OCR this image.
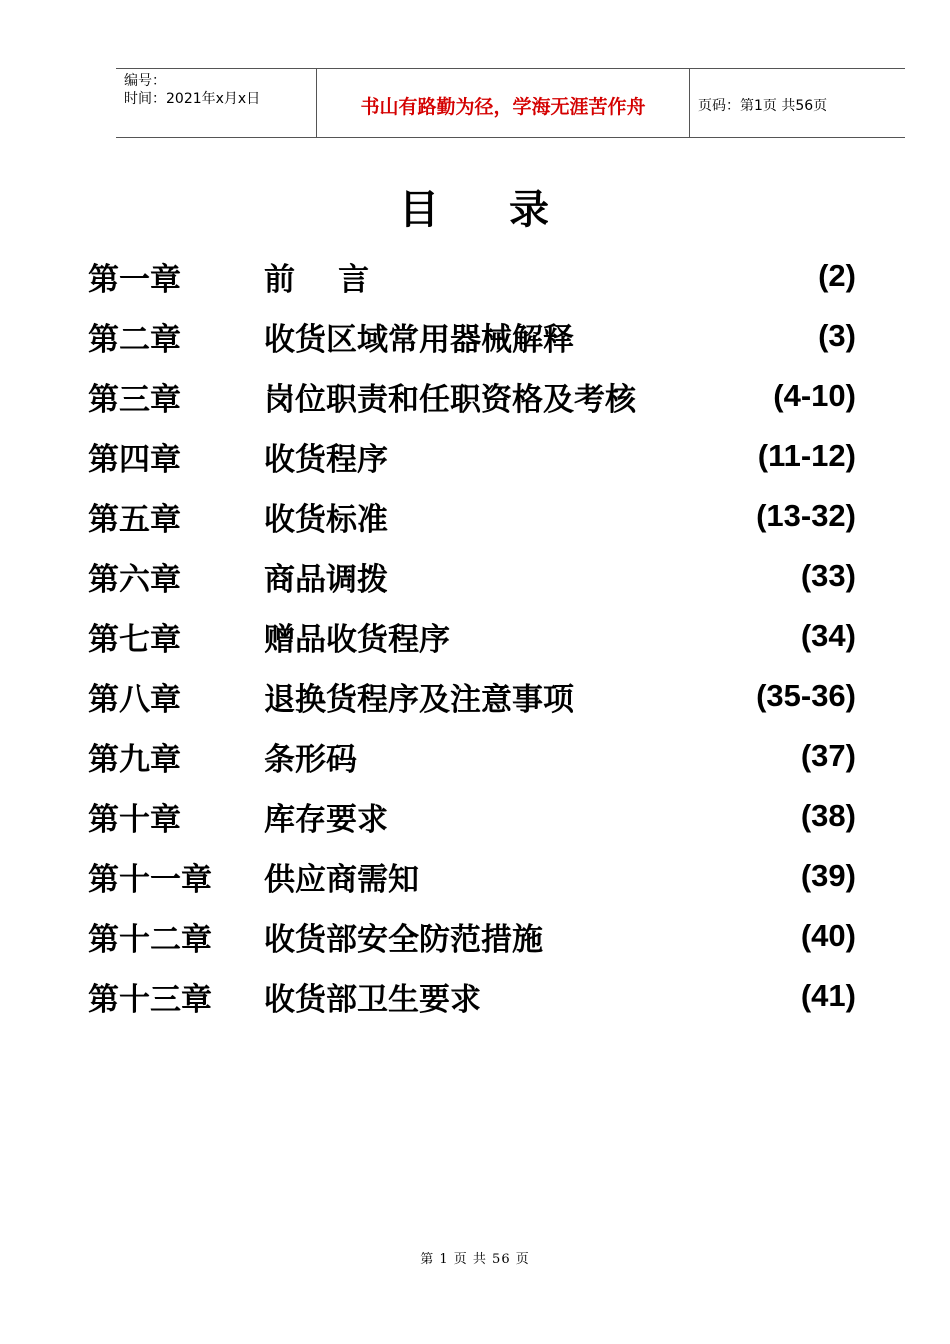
编号：
时间：2021年x月x日	书山有路勤为径，学海无涯苦作舟	页码：第1页 共56页
目 录
第一章	前    言	(2)
第二章	收货区域常用器械解释	(3)
第三章	岗位职责和任职资格及考核	(4-10)
第四章	收货程序	(11-12)
第五章	收货标准	(13-32)
第六章	商品调拨	(33)
第七章	赠品收货程序	(34)
第八章	退换货程序及注意事项	(35-36)
第九章	条形码	(37)
第十章	库存要求	(38)
第十一章	供应商需知	(39)
第十二章	收货部安全防范措施	(40)
第十三章	收货部卫生要求	(41)
第 1 页 共 56 页
